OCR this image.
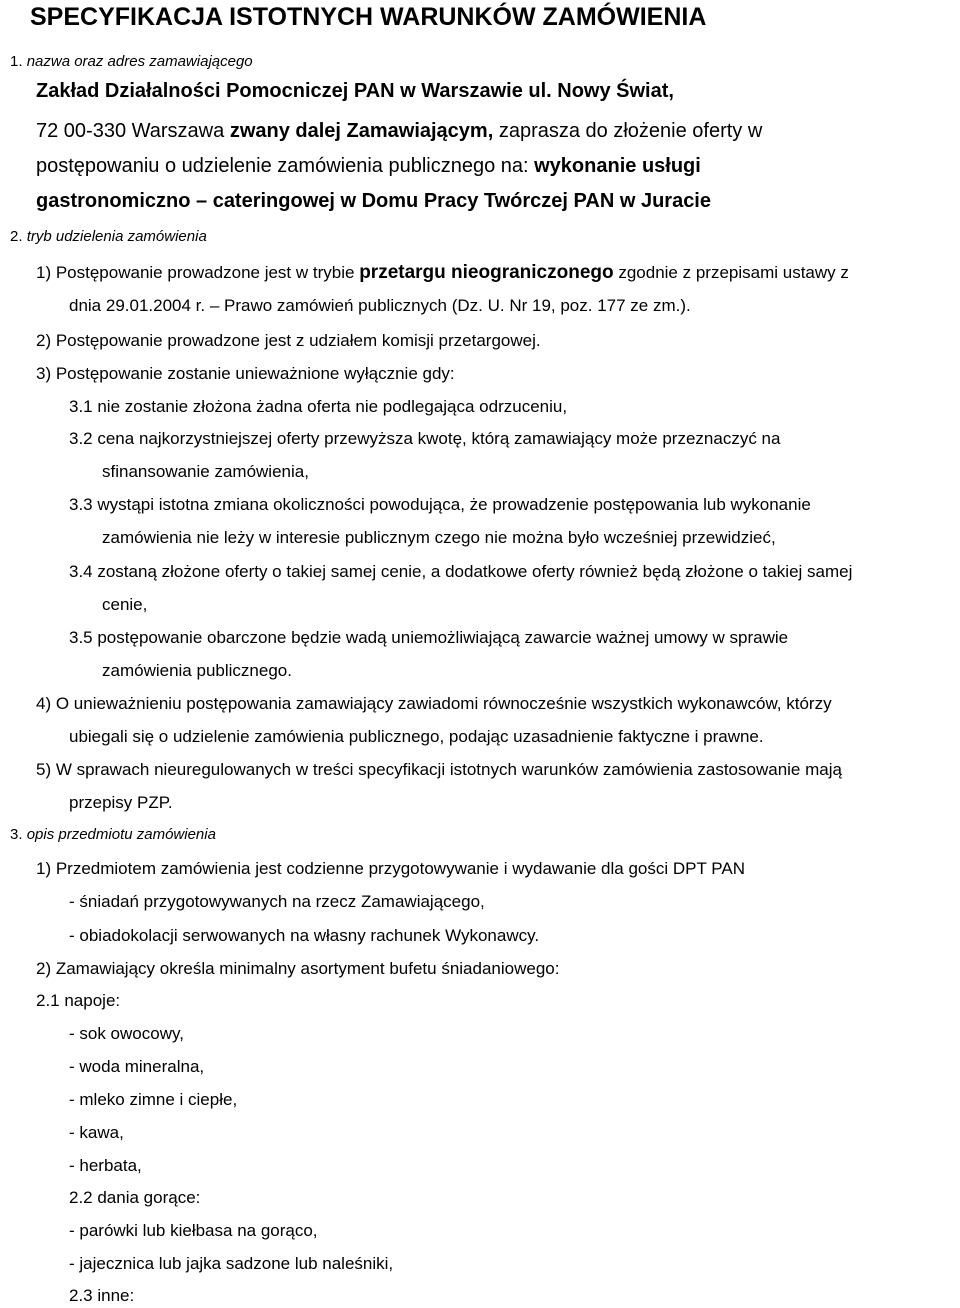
SPECYFIKACJA ISTOTNYCH WARUNKÓW ZAMÓWIENIA
1. nazwa oraz adres zamawiającego
Zakład Działalności Pomocniczej PAN w Warszawie ul. Nowy Świat,
72 00-330 Warszawa zwany dalej Zamawiającym, zaprasza do złożenie oferty w
postępowaniu o udzielenie zamówienia publicznego na: wykonanie usługi
gastronomiczno – cateringowej w Domu Pracy Twórczej PAN w Juracie
2. tryb udzielenia zamówienia
1) Postępowanie prowadzone jest w trybie przetargu nieograniczonego zgodnie z przepisami ustawy z
dnia 29.01.2004 r. – Prawo zamówień publicznych (Dz. U. Nr 19, poz. 177 ze zm.).
2) Postępowanie prowadzone jest z udziałem komisji przetargowej.
3) Postępowanie zostanie unieważnione wyłącznie gdy:
3.1 nie zostanie złożona żadna oferta nie podlegająca odrzuceniu,
3.2 cena najkorzystniejszej oferty przewyższa kwotę, którą zamawiający może przeznaczyć na
sfinansowanie zamówienia,
3.3 wystąpi istotna zmiana okoliczności powodująca, że prowadzenie postępowania lub wykonanie
zamówienia nie leży w interesie publicznym czego nie można było wcześniej przewidzieć,
3.4 zostaną złożone oferty o takiej samej cenie, a dodatkowe oferty również będą złożone o takiej samej
cenie,
3.5 postępowanie obarczone będzie wadą uniemożliwiającą zawarcie ważnej umowy w sprawie
zamówienia publicznego.
4) O unieważnieniu postępowania zamawiający zawiadomi równocześnie wszystkich wykonawców, którzy
ubiegali się o udzielenie zamówienia publicznego, podając uzasadnienie faktyczne i prawne.
5) W sprawach nieuregulowanych w treści specyfikacji istotnych warunków zamówienia zastosowanie mają
przepisy PZP.
3. opis przedmiotu zamówienia
1) Przedmiotem zamówienia jest codzienne przygotowywanie i wydawanie dla gości DPT PAN
- śniadań przygotowywanych na rzecz Zamawiającego,
- obiadokolacji serwowanych na własny rachunek Wykonawcy.
2) Zamawiający określa minimalny asortyment bufetu śniadaniowego:
2.1 napoje:
- sok owocowy,
- woda mineralna,
- mleko zimne i ciepłe,
- kawa,
- herbata,
2.2 dania gorące:
- parówki lub kiełbasa na gorąco,
- jajecznica lub jajka sadzone lub naleśniki,
2.3 inne:
